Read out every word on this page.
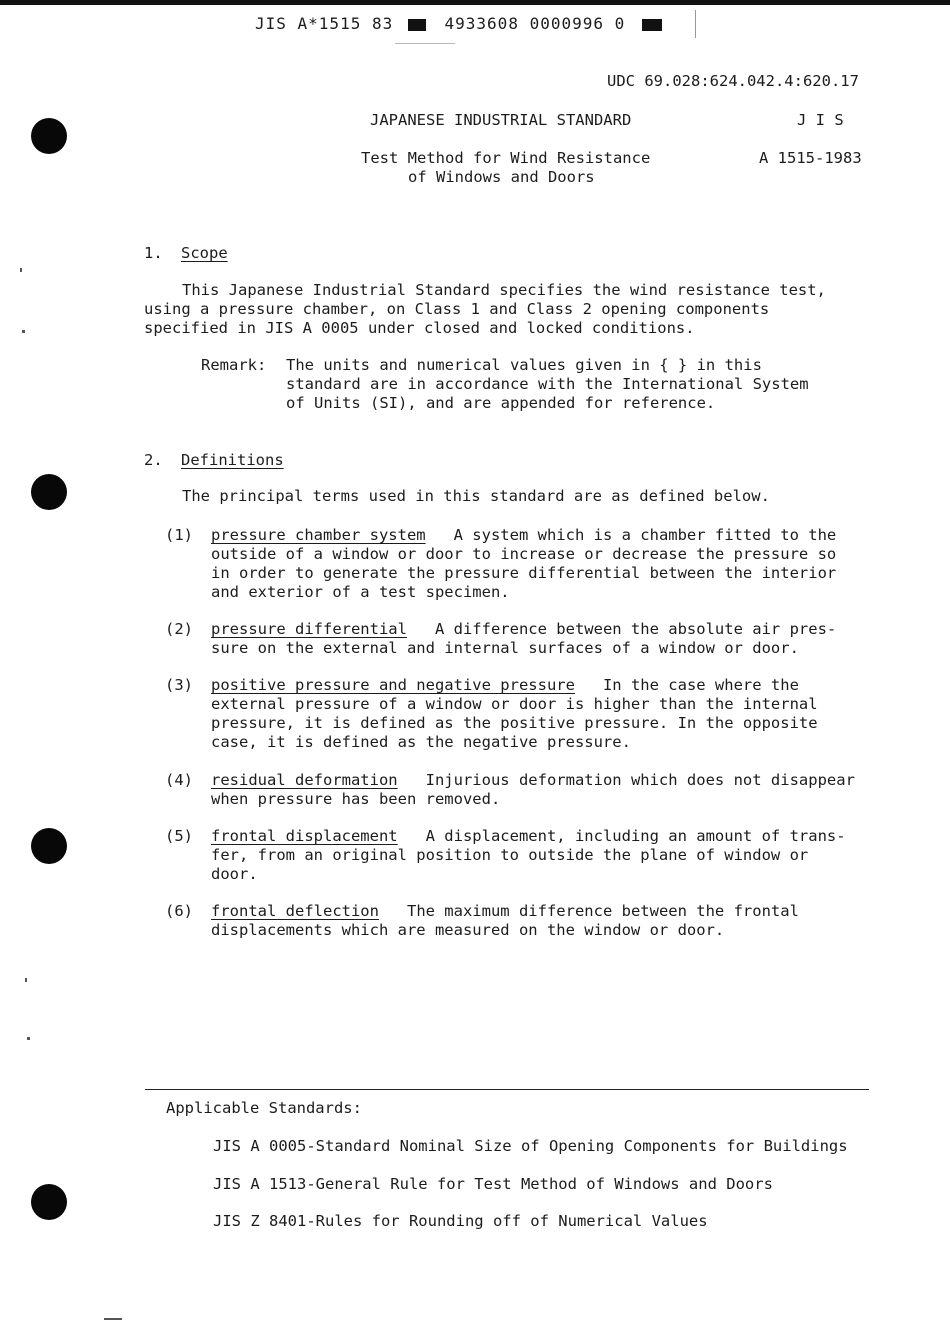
JIS A*1515 83	4933608 0000996 0
UDC 69.028:624.042.4:620.17
JAPANESE INDUSTRIAL STANDARD	J I S
Test Method for Wind Resistance
of Windows and Doors
A 1515-1983
1. Scope
This Japanese Industrial Standard specifies the wind resistance test,
using a pressure chamber, on Class 1 and Class 2 opening components
specified in JIS A 0005 under closed and locked conditions.
Remark: The units and numerical values given in { } in this
standard are in accordance with the International System
of Units (SI), and are appended for reference.
2. Definitions
The principal terms used in this standard are as defined below.
(1) pressure chamber system A system which is a chamber fitted to the
outside of a window or door to increase or decrease the pressure so
in order to generate the pressure differential between the interior
and exterior of a test specimen.
(2) pressure differential A difference between the absolute air pres-
sure on the external and internal surfaces of a window or door.
(3) positive pressure and negative pressure In the case where the
external pressure of a window or door is higher than the internal
pressure, it is defined as the positive pressure. In the opposite
case, it is defined as the negative pressure.
(4) residual deformation Injurious deformation which does not disappear
when pressure has been removed.
(5) frontal displacement A displacement, including an amount of trans-
fer, from an original position to outside the plane of window or
door.
(6) frontal deflection The maximum difference between the frontal
displacements which are measured on the window or door.
Applicable Standards:
JIS A 0005-Standard Nominal Size of Opening Components for Buildings
JIS A 1513-General Rule for Test Method of Windows and Doors
JIS Z 8401-Rules for Rounding off of Numerical Values
